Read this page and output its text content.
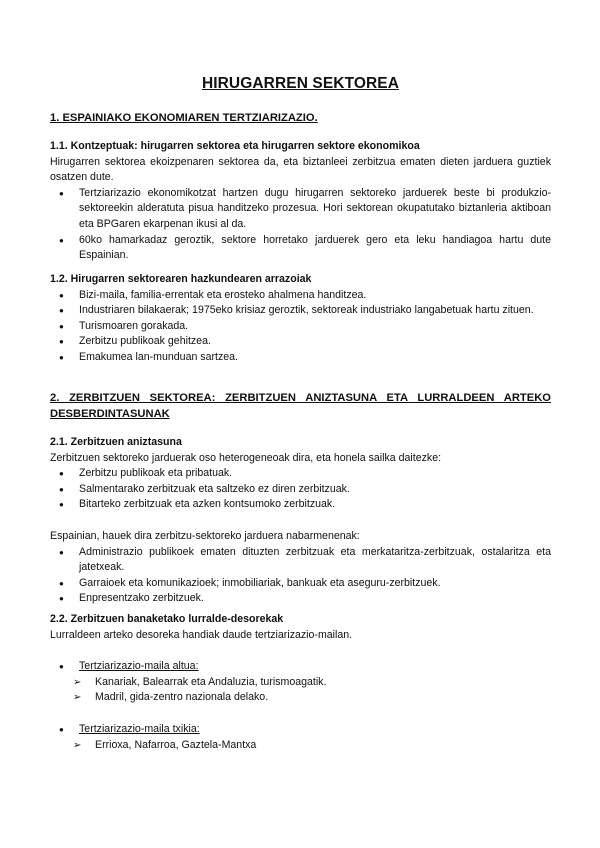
HIRUGARREN SEKTOREA
1. ESPAINIAKO EKONOMIAREN TERTZIARIZAZIO.
1.1. Kontzeptuak: hirugarren sektorea eta hirugarren sektore ekonomikoa

Hirugarren sektorea ekoizpenaren sektorea da, eta biztanleei zerbitzua ematen dieten jarduera guztiek osatzen dute.

● Tertziarizazio ekonomikotzat hartzen dugu hirugarren sektoreko jarduerek beste bi produkzio-sektoreekin alderatuta pisua handitzeko prozesua. Hori sektorean okupatutako biztanleria aktiboan eta BPGaren ekarpenan ikusi al da.
● 60ko hamarkadaz geroztik, sektore horretako jarduerek gero eta leku handiagoa hartu dute Espainian.
1.2. Hirugarren sektorearen hazkundearen arrazoiak
● Bizi-maila, familia-errentak eta erosteko ahalmena handitzea.
● Industriaren bilakaerak; 1975eko krisiaz geroztik, sektoreak industriako langabetuak hartu zituen.
● Turismoaren gorakada.
● Zerbitzu publikoak gehitzea.
● Emakumea lan-munduan sartzea.
2. ZERBITZUEN SEKTOREA: ZERBITZUEN ANIZTASUNA ETA LURRALDEEN ARTEKO DESBERDINTASUNAK
2.1. Zerbitzuen aniztasuna

Zerbitzuen sektoreko jarduerak oso heterogeneoak dira, eta honela sailka daitezke:

● Zerbitzu publikoak eta pribatuak.
● Salmentarako zerbitzuak eta saltzeko ez diren zerbitzuak.
● Bitarteko zerbitzuak eta azken kontsumoko zerbitzuak.

Espainian, hauek dira zerbitzu-sektoreko jarduera nabarmenenak:

● Administrazio publikoek ematen dituzten zerbitzuak eta merkataritza-zerbitzuak, ostalaritza eta jatetxeak.
● Garraioek eta komunikazioek; inmobiliariak, bankuak eta aseguru-zerbitzuek.
● Enpresentzako zerbitzuek.
2.2. Zerbitzuen banaketako lurralde-desorekak

Lurraldeen arteko desoreka handiak daude tertziarizazio-mailan.

● Tertziarizazio-maila altua:
➢ Kanariak, Balearrak eta Andaluzia, turismoagatik.
➢ Madril, gida-zentro nazionala delako.
● Tertziarizazio-maila txikia:
➢ Errioxa, Nafarroa, Gaztela-Mantxa
